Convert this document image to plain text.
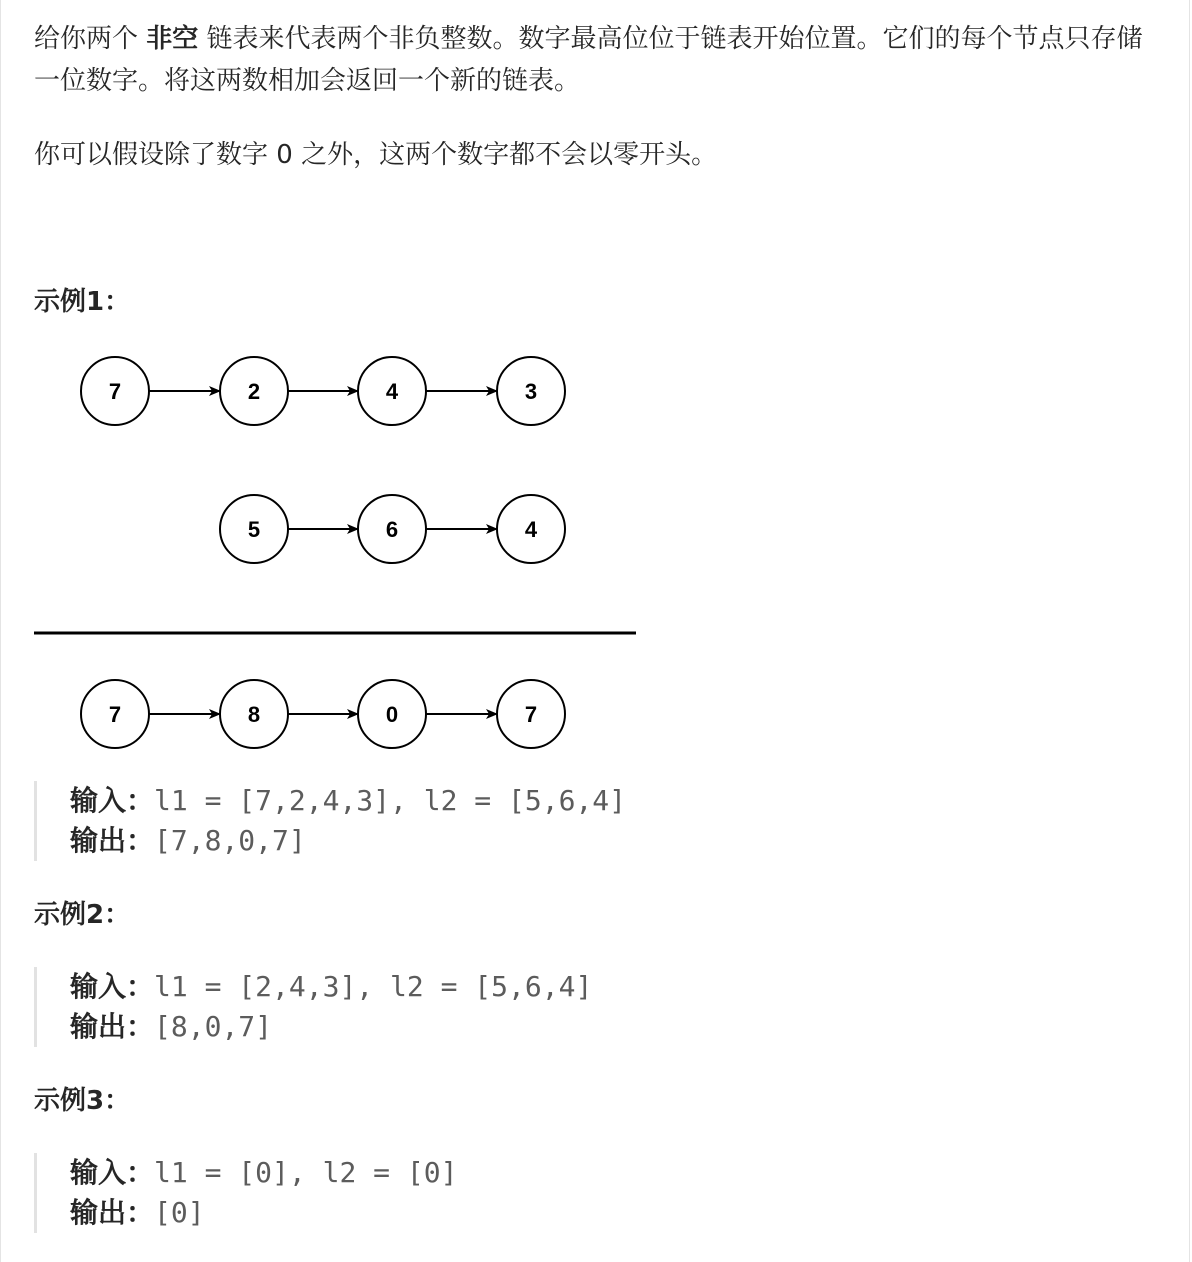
给你两个 非空 链表来代表两个非负整数。数字最高位位于链表开始位置。它们的每个节点只存储一位数字。将这两数相加会返回一个新的链表。

你可以假设除了数字 0 之外，这两个数字都不会以零开头。

示例1：

7	2	4	3
5	6	4
7	8	0	7
输入：l1 = [7,2,4,3], l2 = [5,6,4]
输出：[7,8,0,7]

示例2：

输入：l1 = [2,4,3], l2 = [5,6,4]
输出：[8,0,7]

示例3：

输入：l1 = [0], l2 = [0]
输出：[0]
